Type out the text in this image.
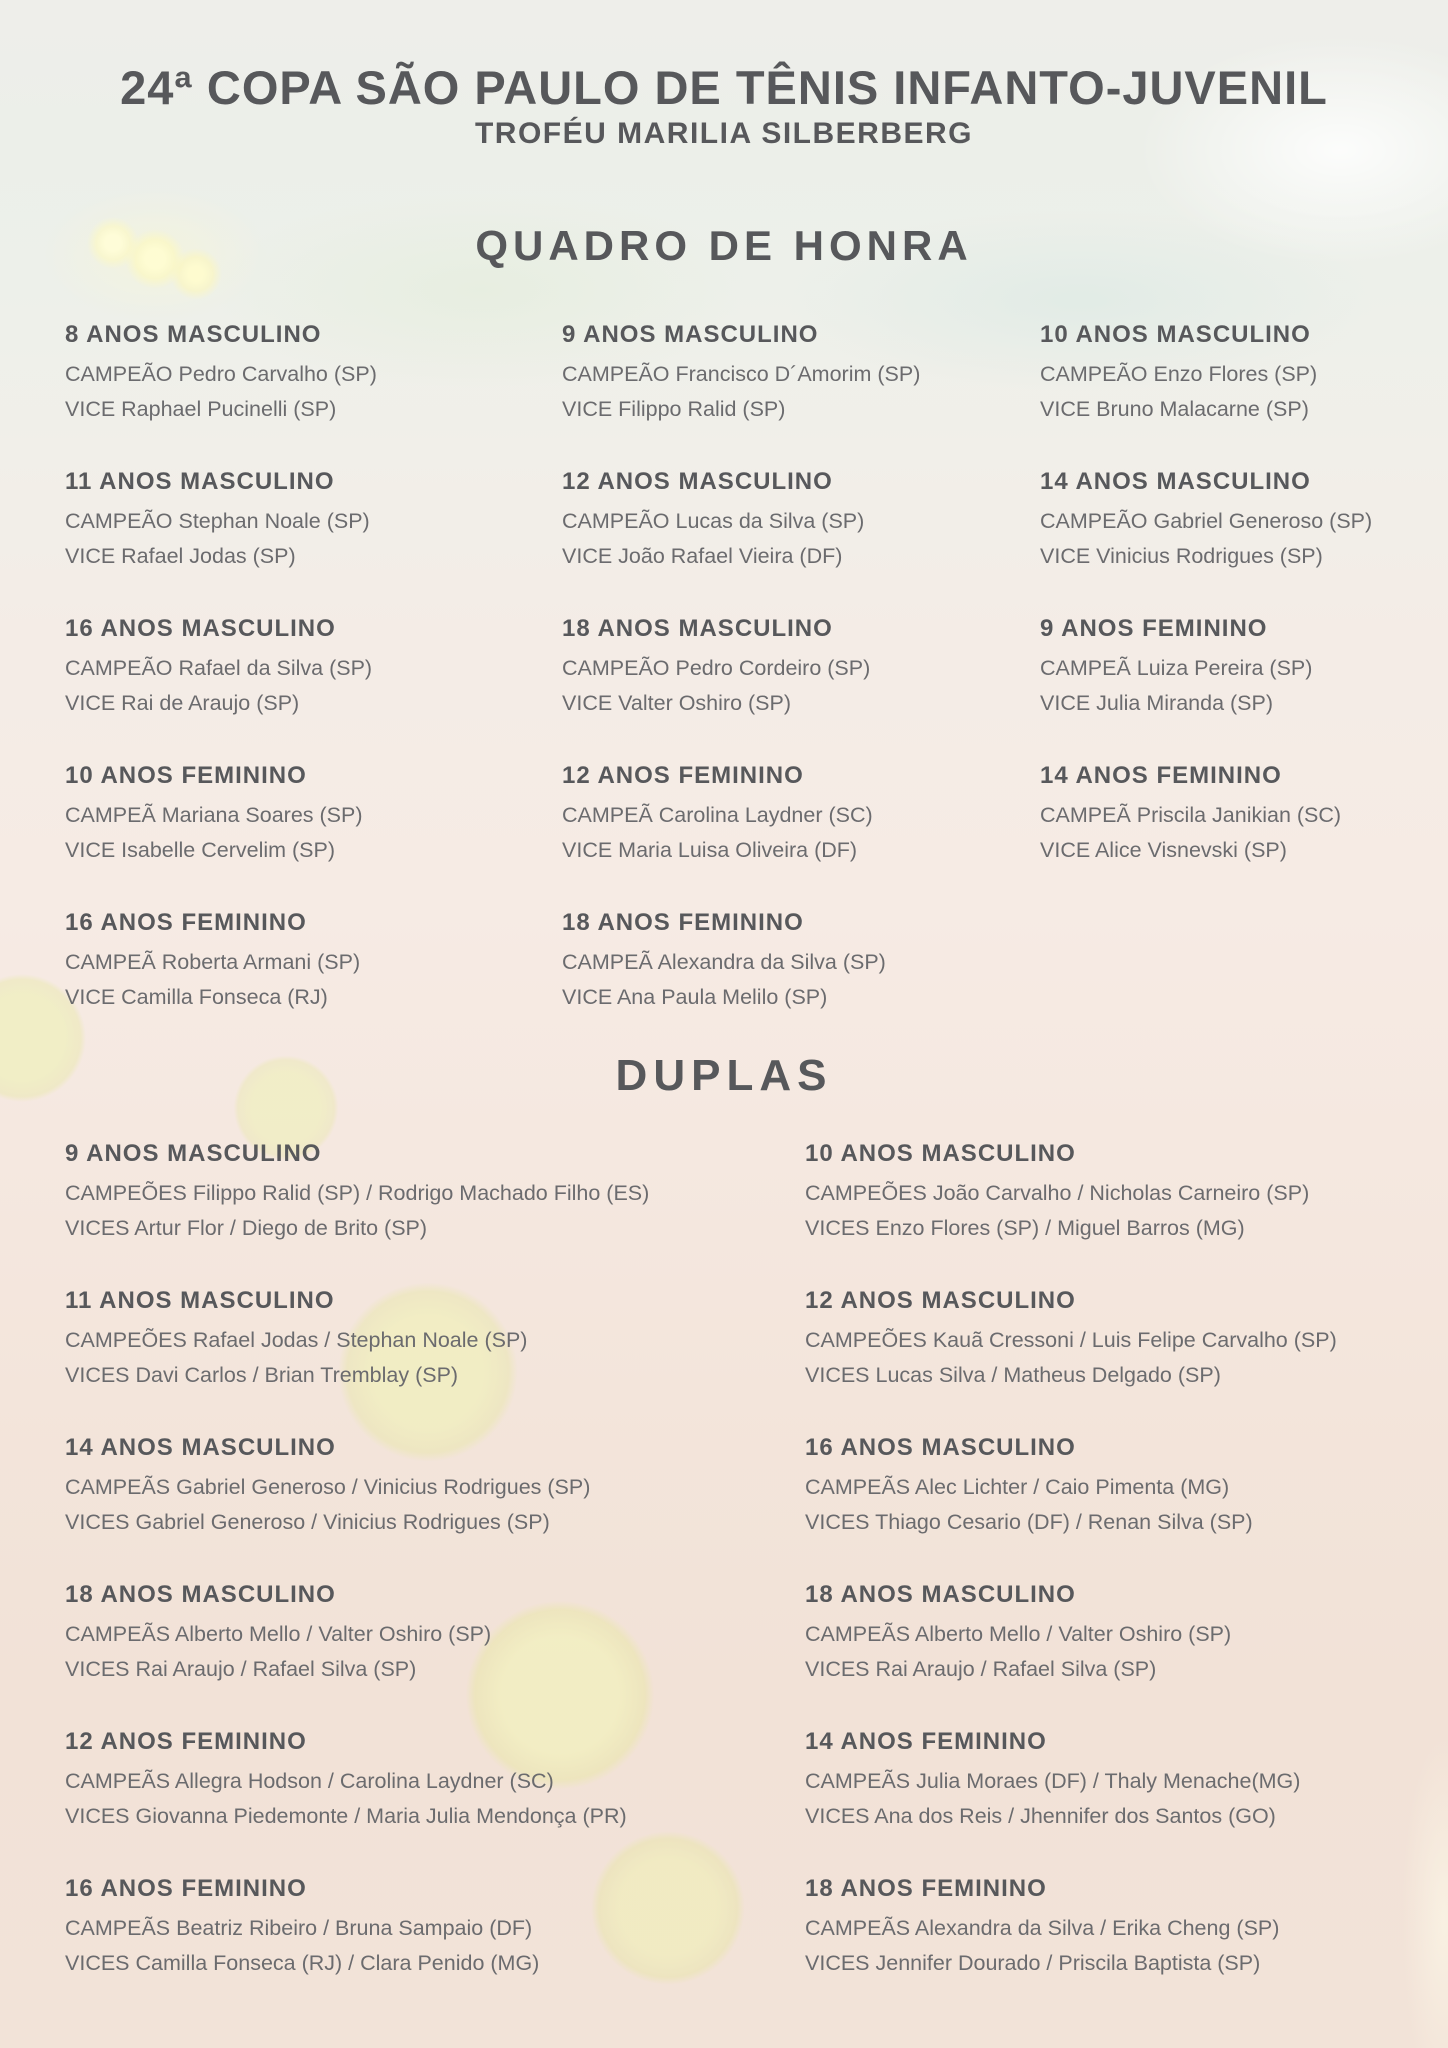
24ª COPA SÃO PAULO DE TÊNIS INFANTO-JUVENIL
TROFÉU MARILIA SILBERBERG
QUADRO DE HONRA
8 ANOS MASCULINO

CAMPEÃO Pedro Carvalho (SP)

VICE Raphael Pucinelli (SP)

9 ANOS MASCULINO

CAMPEÃO Francisco D´Amorim (SP)

VICE Filippo Ralid (SP)

10 ANOS MASCULINO

CAMPEÃO Enzo Flores (SP)

VICE Bruno Malacarne (SP)

11 ANOS MASCULINO

CAMPEÃO Stephan Noale (SP)

VICE Rafael Jodas (SP)

12 ANOS MASCULINO

CAMPEÃO Lucas da Silva (SP)

VICE João Rafael Vieira (DF)

14 ANOS MASCULINO

CAMPEÃO Gabriel Generoso (SP)

VICE Vinicius Rodrigues (SP)

16 ANOS MASCULINO

CAMPEÃO Rafael da Silva (SP)

VICE Rai de Araujo (SP)

18 ANOS MASCULINO

CAMPEÃO Pedro Cordeiro (SP)

VICE Valter Oshiro (SP)

9 ANOS FEMININO

CAMPEÃ Luiza Pereira (SP)

VICE Julia Miranda (SP)

10 ANOS FEMININO

CAMPEÃ Mariana Soares (SP)

VICE Isabelle Cervelim (SP)

12 ANOS FEMININO

CAMPEÃ Carolina Laydner (SC)

VICE Maria Luisa Oliveira (DF)

14 ANOS FEMININO

CAMPEÃ Priscila Janikian (SC)

VICE Alice Visnevski (SP)

16 ANOS FEMININO

CAMPEÃ Roberta Armani (SP)

VICE Camilla Fonseca (RJ)

18 ANOS FEMININO

CAMPEÃ Alexandra da Silva (SP)

VICE Ana Paula Melilo (SP)

DUPLAS
9 ANOS MASCULINO

CAMPEÕES Filippo Ralid (SP) / Rodrigo Machado Filho (ES)

VICES Artur Flor / Diego de Brito (SP)

10 ANOS MASCULINO

CAMPEÕES João Carvalho / Nicholas Carneiro (SP)

VICES Enzo Flores (SP) / Miguel Barros (MG)

11 ANOS MASCULINO

CAMPEÕES Rafael Jodas / Stephan Noale (SP)

VICES Davi Carlos / Brian Tremblay (SP)

12 ANOS MASCULINO

CAMPEÕES Kauã Cressoni / Luis Felipe Carvalho (SP)

VICES Lucas Silva / Matheus Delgado (SP)

14 ANOS MASCULINO

CAMPEÃS Gabriel Generoso / Vinicius Rodrigues (SP)

VICES Gabriel Generoso / Vinicius Rodrigues (SP)

16 ANOS MASCULINO

CAMPEÃS Alec Lichter / Caio Pimenta (MG)

VICES Thiago Cesario (DF) / Renan Silva (SP)

18 ANOS MASCULINO

CAMPEÃS Alberto Mello / Valter Oshiro (SP)

VICES Rai Araujo / Rafael Silva (SP)

18 ANOS MASCULINO

CAMPEÃS Alberto Mello / Valter Oshiro (SP)

VICES Rai Araujo / Rafael Silva (SP)

12 ANOS FEMININO

CAMPEÃS Allegra Hodson / Carolina Laydner (SC)

VICES Giovanna Piedemonte / Maria Julia Mendonça (PR)

14 ANOS FEMININO

CAMPEÃS Julia Moraes (DF) / Thaly Menache(MG)

VICES Ana dos Reis / Jhennifer dos Santos (GO)

16 ANOS FEMININO

CAMPEÃS Beatriz Ribeiro / Bruna Sampaio (DF)

VICES Camilla Fonseca (RJ) / Clara Penido (MG)

18 ANOS FEMININO

CAMPEÃS Alexandra da Silva / Erika Cheng (SP)

VICES Jennifer Dourado / Priscila Baptista (SP)
